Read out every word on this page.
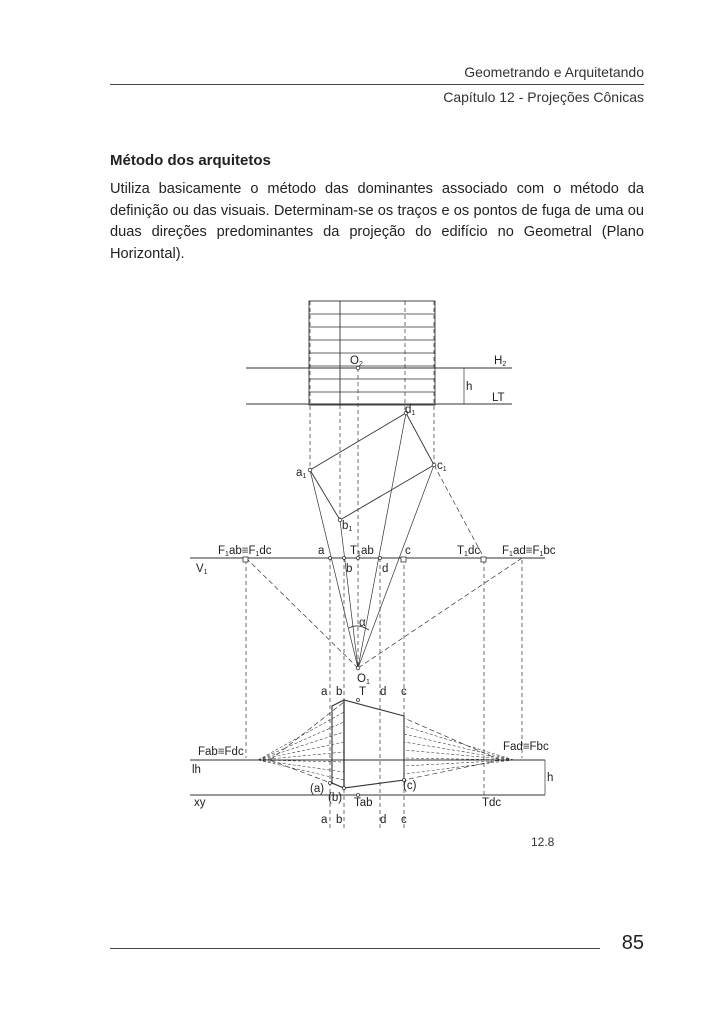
Geometrando e Arquitetando
Capítulo 12 - Projeções Cônicas
Método dos arquitetos
Utiliza basicamente o método das dominantes associado com o método da definição ou das visuais. Determinam-se os traços e os pontos de fuga de uma ou duas direções predominantes da projeção do edifício no Geometral (Plano Horizontal).
O2	H2
h
LT
d1
c1
a1
b1
F1ab≡F1dc	a T1ab	c	T1dc F1ad≡F1bc
V1	b	d
α
O1
a b T d c
Fab≡Fdc	Fad≡Fbc
lh
h
(a)
(b)
(c)
xy	Tab	Tdc
a b	d c
12.8
85
